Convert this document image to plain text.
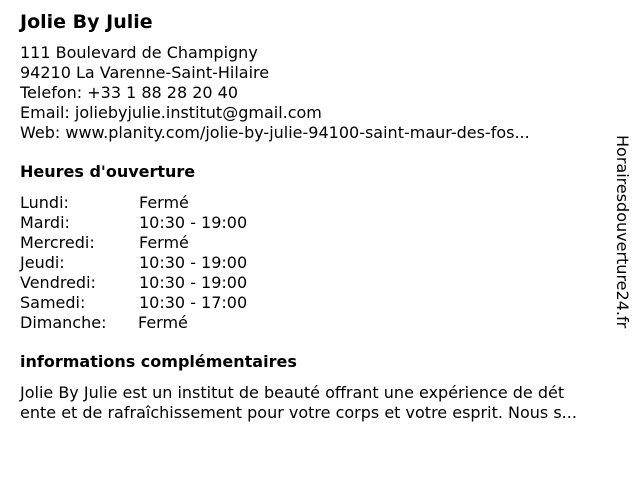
Jolie By Julie
111 Boulevard de Champigny
94210 La Varenne-Saint-Hilaire
Telefon: +33 1 88 28 20 40
Email: joliebyjulie.institut@gmail.com
Web: www.planity.com/jolie-by-julie-94100-saint-maur-des-fos...
Heures d'ouverture
Lundi:	Fermé
Mardi:	10:30 - 19:00
Mercredi:	Fermé
Jeudi:	10:30 - 19:00
Vendredi:	10:30 - 19:00
Samedi:	10:30 - 17:00
Dimanche: Fermé
informations complémentaires
Jolie By Julie est un institut de beauté offrant une expérience de dét
ente et de rafraîchissement pour votre corps et votre esprit. Nous s...
Horairesdouverture24.fr
